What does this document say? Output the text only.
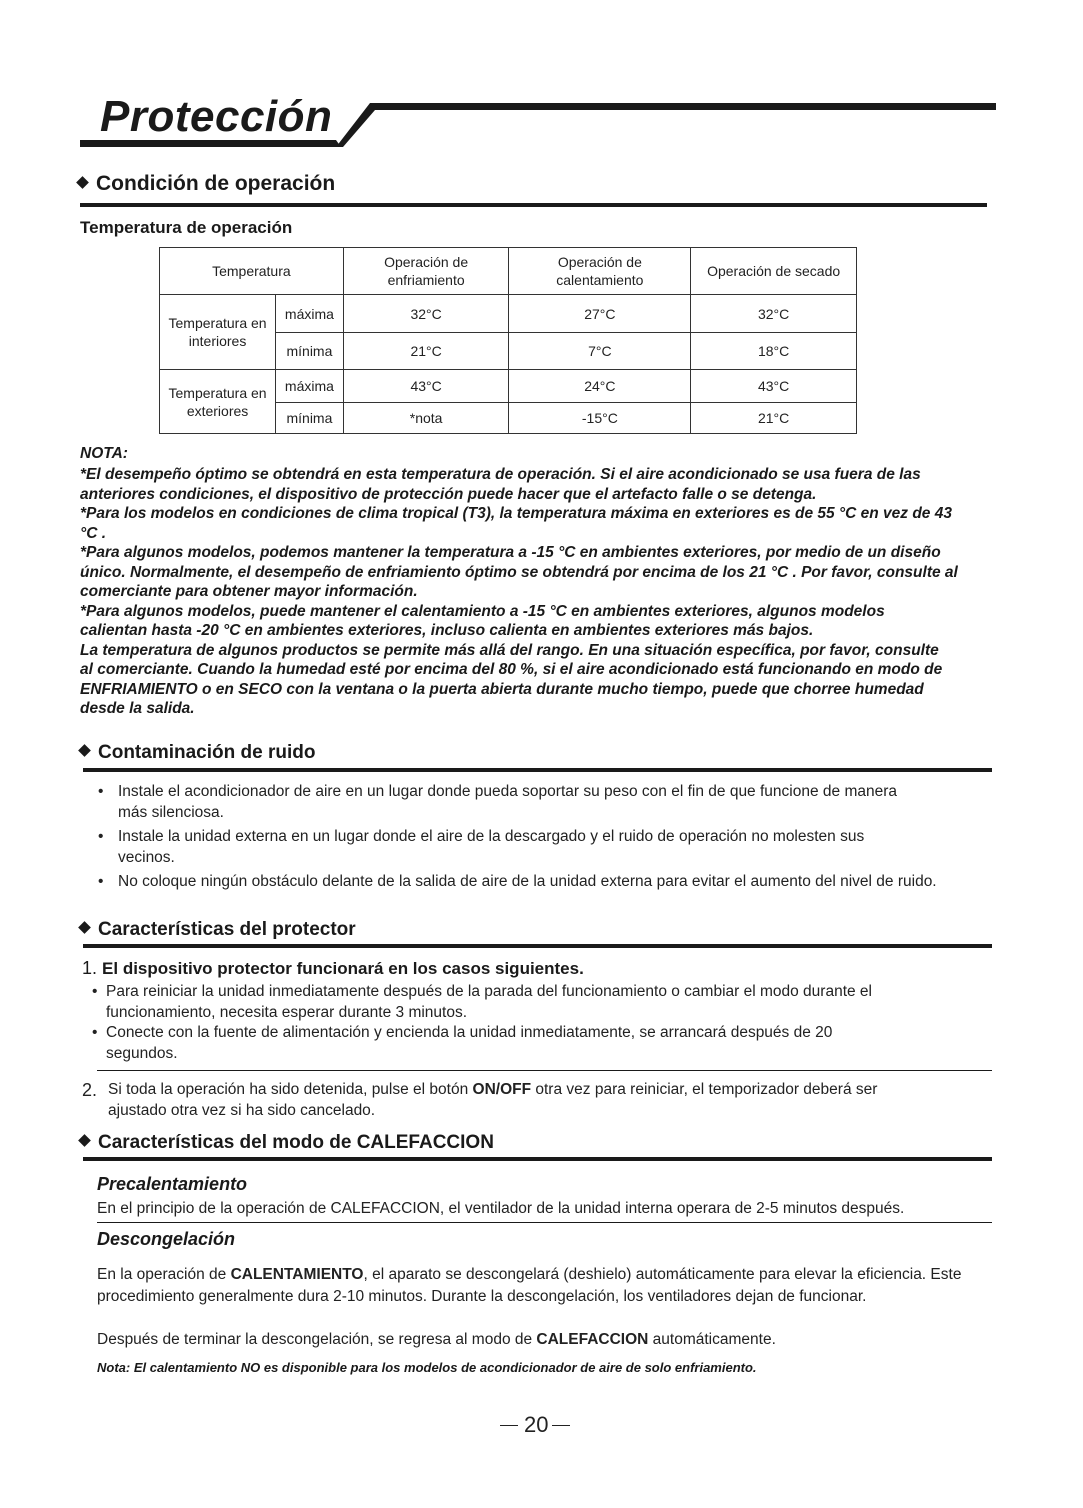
Protección
Condición de operación
Temperatura de operación
Temperatura		Operación de enfriamiento	Operación de calentamiento	Operación de secado
Temperatura en interiores	máxima	32°C	27°C	32°C
	mínima	21°C	7°C	18°C
Temperatura en exteriores	máxima	43°C	24°C	43°C
	mínima	*nota	-15°C	21°C
NOTA:
*El desempeño óptimo se obtendrá en esta temperatura de operación. Si el aire acondicionado se usa fuera de las anteriores condiciones, el dispositivo de protección puede hacer que el artefacto falle o se detenga.
*Para los modelos en condiciones de clima tropical (T3), la temperatura máxima en exteriores es de 55 °C en vez de 43 °C .
*Para algunos modelos, podemos mantener la temperatura a -15 °C en ambientes exteriores, por medio de un diseño único. Normalmente, el desempeño de enfriamiento óptimo se obtendrá por encima de los 21 °C . Por favor, consulte al comerciante para obtener mayor información.
*Para algunos modelos, puede mantener el calentamiento a -15 °C en ambientes exteriores, algunos modelos calientan hasta -20 °C en ambientes exteriores, incluso calienta en ambientes exteriores más bajos.
La temperatura de algunos productos se permite más allá del rango. En una situación específica, por favor, consulte al comerciante. Cuando la humedad esté por encima del 80 %, si el aire acondicionado está funcionando en modo de ENFRIAMIENTO o en SECO con la ventana o la puerta abierta durante mucho tiempo, puede que chorree humedad desde la salida.
Contaminación de ruido
• Instale el acondicionador de aire en un lugar donde pueda soportar su peso con el fin de que funcione de manera más silenciosa.
• Instale la unidad externa en un lugar donde el aire de la descargado y el ruido de operación no molesten sus vecinos.
• No coloque ningún obstáculo delante de la salida de aire de la unidad externa para evitar el aumento del nivel de ruido.
Características del protector
1. El dispositivo protector funcionará en los casos siguientes.
• Para reiniciar la unidad inmediatamente después de la parada del funcionamiento o cambiar el modo durante el funcionamiento, necesita esperar durante 3 minutos.
• Conecte con la fuente de alimentación y encienda la unidad inmediatamente, se arrancará después de 20 segundos.
2. Si toda la operación ha sido detenida, pulse el botón ON/OFF otra vez para reiniciar, el temporizador deberá ser ajustado otra vez si ha sido cancelado.
Características del modo de CALEFACCION
Precalentamiento
En el principio de la operación de CALEFACCION, el ventilador de la unidad interna operara de 2-5 minutos después.
Descongelación
En la operación de CALENTAMIENTO, el aparato se descongelará (deshielo) automáticamente para elevar la eficiencia. Este procedimiento generalmente dura 2-10 minutos. Durante la descongelación, los ventiladores dejan de funcionar.
Después de terminar la descongelación, se regresa al modo de CALEFACCION automáticamente.
Nota: El calentamiento NO es disponible para los modelos de acondicionador de aire de solo enfriamiento.
20
